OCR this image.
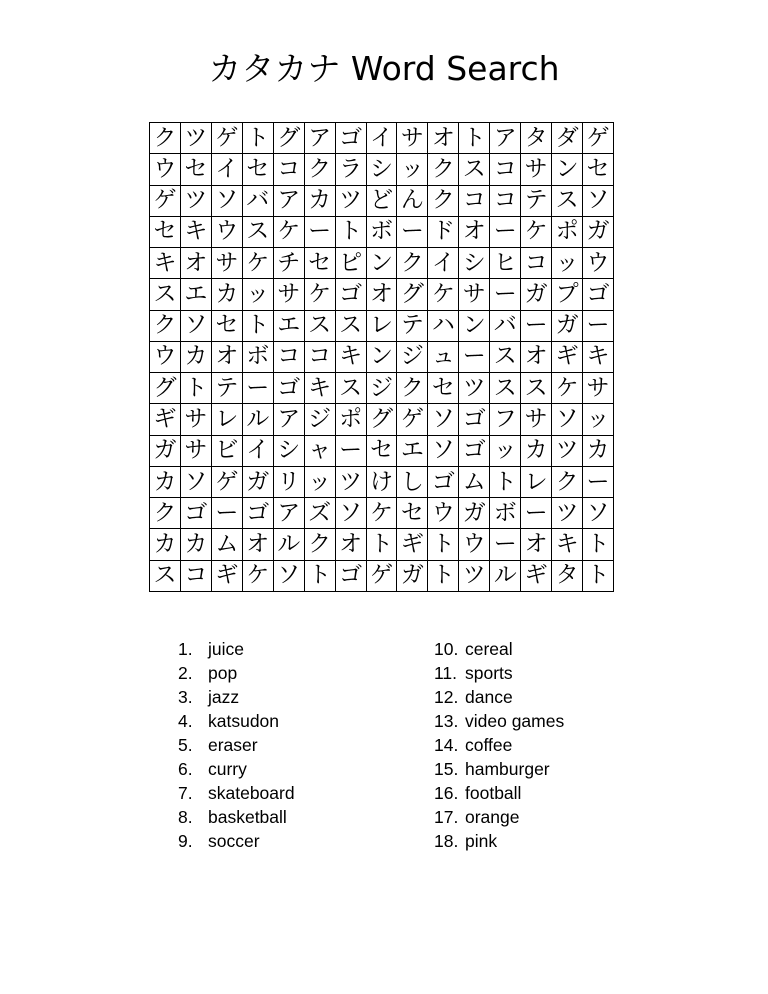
カタカナ Word Search
ク ツ ゲ ト グ ア ゴ イ サ オ ト ア タ ダ ゲ
ウ セ イ セ コ ク ラ シ ッ ク ス コ サ ン セ
ゲ ツ ソ バ ア カ ツ ど ん ク コ コ テ ス ソ
セ キ ウ ス ケ ー ト ボ ー ド オ ー ケ ポ ガ
キ オ サ ケ チ セ ピ ン ク イ シ ヒ コ ッ ウ
ス エ カ ッ サ ケ ゴ オ グ ケ サ ー ガ プ ゴ
ク ソ セ ト エ ス ス レ テ ハ ン バ ー ガ ー
ウ カ オ ボ コ コ キ ン ジ ュ ー ス オ ギ キ
グ ト テ ー ゴ キ ス ジ ク セ ツ ス ス ケ サ
ギ サ レ ル ア ジ ポ グ ゲ ソ ゴ フ サ ソ ッ
ガ サ ビ イ シ ャ ー セ エ ソ ゴ ッ カ ツ カ
カ ソ ゲ ガ リ ッ ツ け し ゴ ム ト レ ク ー
ク ゴ ー ゴ ア ズ ソ ケ セ ウ ガ ボ ー ツ ソ
カ カ ム オ ル ク オ ト ギ ト ウ ー オ キ ト
ス コ ギ ケ ソ ト ゴ ゲ ガ ト ツ ル ギ タ ト
1. juice
2. pop
3. jazz
4. katsudon
5. eraser
6. curry
7. skateboard
8. basketball
9. soccer
10. cereal
11. sports
12. dance
13. video games
14. coffee
15. hamburger
16. football
17. orange
18. pink
